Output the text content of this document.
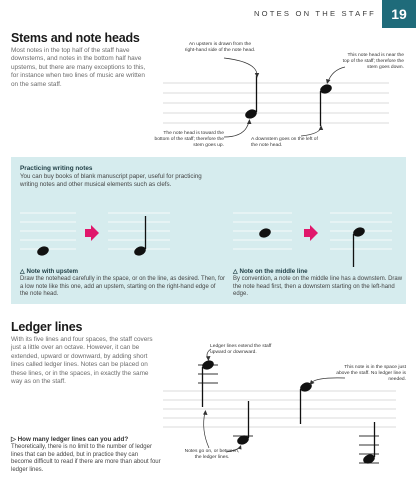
NOTES ON THE STAFF	19
Stems and note heads
Most notes in the top half of the staff have downstems, and notes in the bottom half have upstems, but there are many exceptions to this, for instance when two lines of music are written on the same staff.
An upstem is drawn from the right-hand side of the note head.
This note head is near the top of the staff; therefore the stem goes down.
The note head is toward the bottom of the staff; therefore the stem goes up.
A downstem goes on the left of the note head.
Practicing writing notes
You can buy books of blank manuscript paper, useful for practicing writing notes and other musical elements such as clefs.
△ Note with upstem
Draw the notehead carefully in the space, or on the line, as desired. Then, for a low note like this one, add an upstem, starting on the right-hand edge of the note head.
△ Note on the middle line
By convention, a note on the middle line has a downstem. Draw the note head first, then a downstem starting on the left-hand edge.
Ledger lines
With its five lines and four spaces, the staff covers just a little over an octave. However, it can be extended, upward or downward, by adding short lines called ledger lines. Notes can be placed on these lines, or in the spaces, in exactly the same way as on the staff.
Ledger lines extend the staff upward or downward.
This note is in the space just above the staff. No ledger line is needed.
Notes go on, or between, the ledger lines.
▷ How many ledger lines can you add?
Theoretically, there is no limit to the number of ledger lines that can be added, but in practice they can become difficult to read if there are more than about four ledger lines.
